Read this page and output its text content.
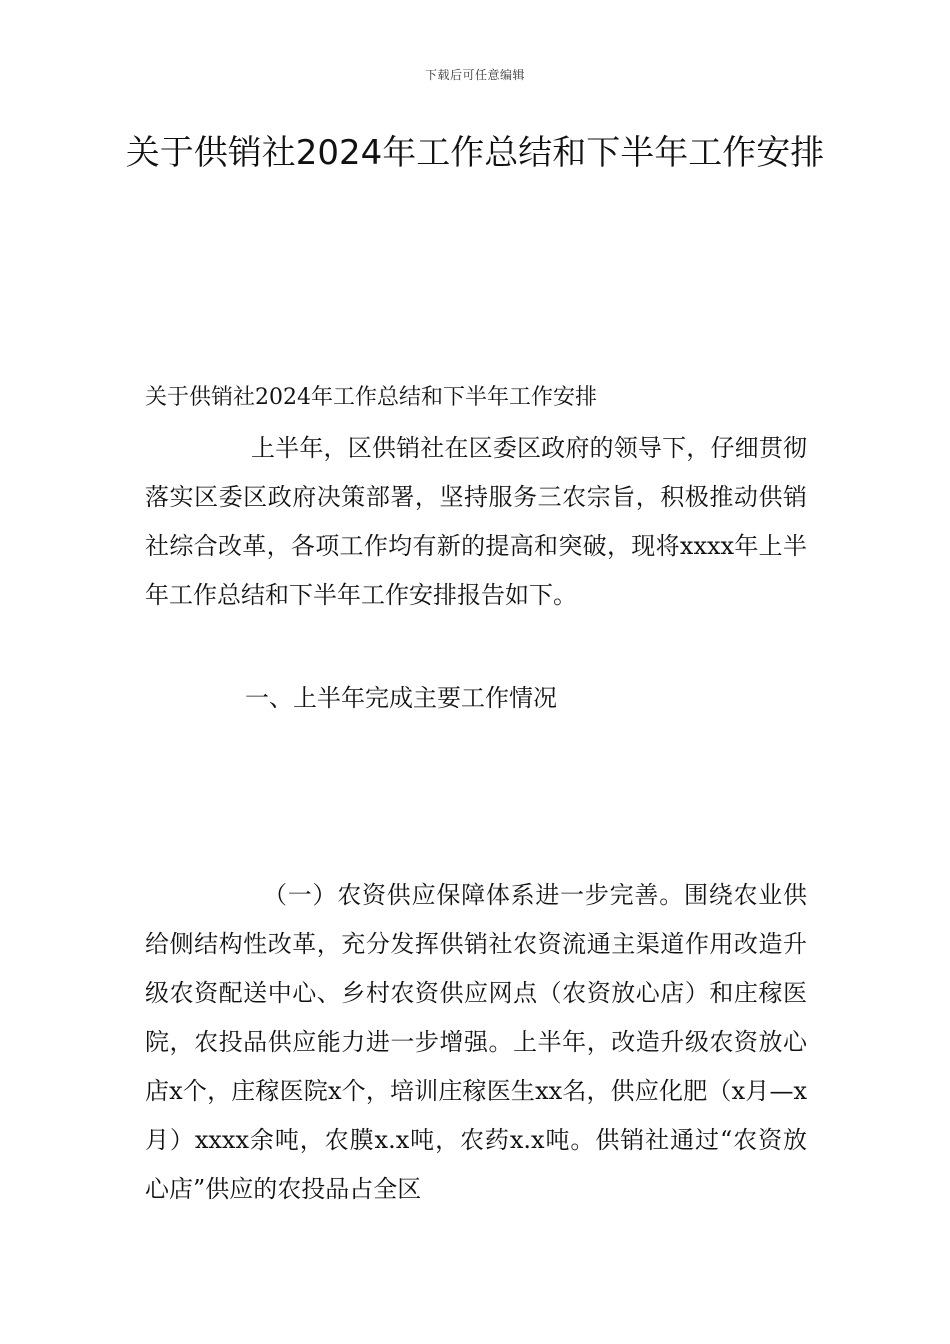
下载后可任意编辑
关于供销社2024年工作总结和下半年工作安排
关于供销社2024年工作总结和下半年工作安排

上半年，区供销社在区委区政府的领导下，仔细贯彻落实区委区政府决策部署，坚持服务三农宗旨，积极推动供销社综合改革，各项工作均有新的提高和突破，现将xxxx年上半年工作总结和下半年工作安排报告如下。

一、上半年完成主要工作情况

（一）农资供应保障体系进一步完善。围绕农业供给侧结构性改革，充分发挥供销社农资流通主渠道作用改造升级农资配送中心、乡村农资供应网点（农资放心店）和庄稼医院，农投品供应能力进一步增强。上半年，改造升级农资放心店x个，庄稼医院x个，培训庄稼医生xx名，供应化肥（x月—x月）xxxx余吨，农膜x.x吨，农药x.x吨。供销社通过“农资放心店”供应的农投品占全区
